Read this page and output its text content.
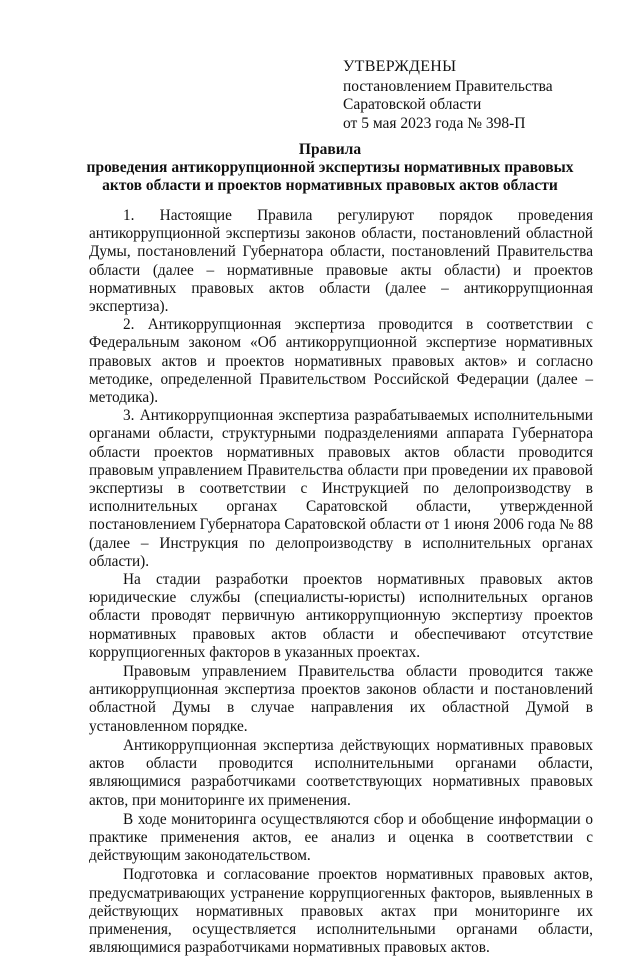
УТВЕРЖДЕНЫ
постановлением Правительства
Саратовской области
от 5 мая 2023 года № 398-П
Правила
проведения антикоррупционной экспертизы нормативных правовых
актов области и проектов нормативных правовых актов области

1. Настоящие Правила регулируют порядок проведения антикоррупционной экспертизы законов области, постановлений областной Думы, постановлений Губернатора области, постановлений Правительства области (далее – нормативные правовые акты области) и проектов нормативных правовых актов области (далее – антикоррупционная экспертиза).

2. Антикоррупционная экспертиза проводится в соответствии с Федеральным законом «Об антикоррупционной экспертизе нормативных правовых актов и проектов нормативных правовых актов» и согласно методике, определенной Правительством Российской Федерации (далее – методика).

3. Антикоррупционная экспертиза разрабатываемых исполнительными органами области, структурными подразделениями аппарата Губернатора области проектов нормативных правовых актов области проводится правовым управлением Правительства области при проведении их правовой экспертизы в соответствии с Инструкцией по делопроизводству в исполнительных органах Саратовской области, утвержденной постановлением Губернатора Саратовской области от 1 июня 2006 года № 88 (далее – Инструкция по делопроизводству в исполнительных органах области).

На стадии разработки проектов нормативных правовых актов юридические службы (специалисты-юристы) исполнительных органов области проводят первичную антикоррупционную экспертизу проектов нормативных правовых актов области и обеспечивают отсутствие коррупциогенных факторов в указанных проектах.

Правовым управлением Правительства области проводится также антикоррупционная экспертиза проектов законов области и постановлений областной Думы в случае направления их областной Думой в установленном порядке.

Антикоррупционная экспертиза действующих нормативных правовых актов области проводится исполнительными органами области, являющимися разработчиками соответствующих нормативных правовых актов, при мониторинге их применения.

В ходе мониторинга осуществляются сбор и обобщение информации о практике применения актов, ее анализ и оценка в соответствии с действующим законодательством.

Подготовка и согласование проектов нормативных правовых актов, предусматривающих устранение коррупциогенных факторов, выявленных в действующих нормативных правовых актах при мониторинге их применения, осуществляется исполнительными органами области, являющимися разработчиками нормативных правовых актов.
